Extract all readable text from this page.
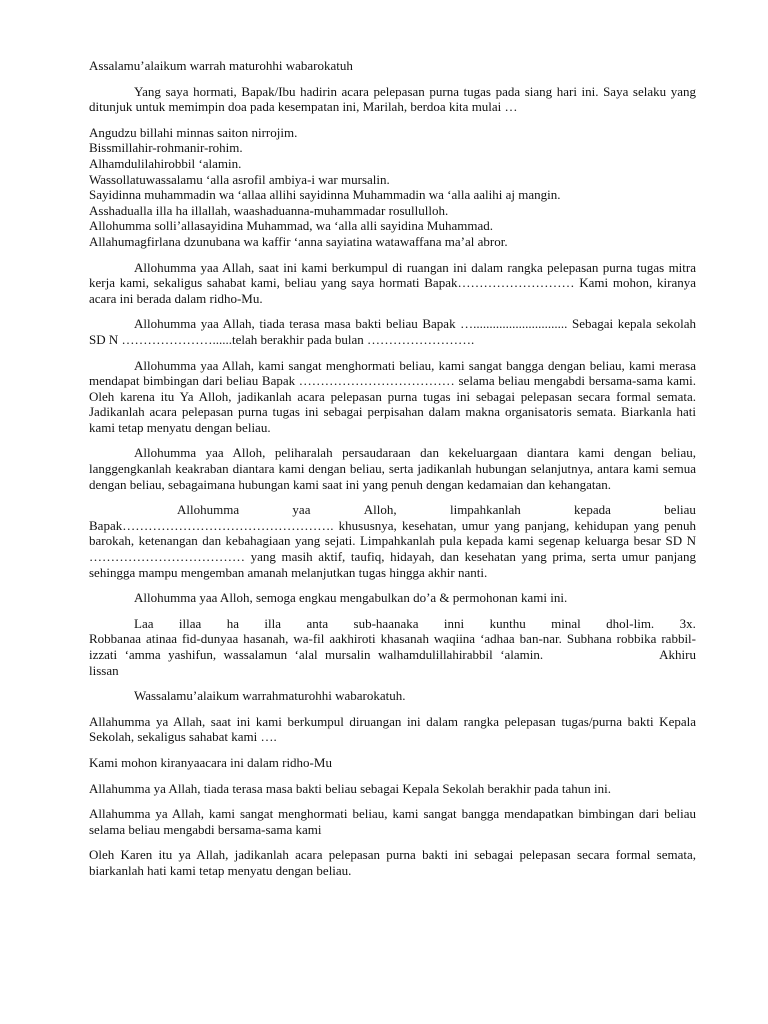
Assalamu’alaikum warrah maturohhi wabarokatuh

Yang saya hormati, Bapak/Ibu hadirin acara pelepasan purna tugas pada siang hari ini. Saya selaku yang ditunjuk untuk memimpin doa pada kesempatan ini, Marilah, berdoa kita mulai …

Angudzu billahi minnas saiton nirrojim.

Bissmillahir-rohmanir-rohim.

Alhamdulilahirobbil ‘alamin.

Wassollatuwassalamu ‘alla asrofil ambiya-i war mursalin.

Sayidinna muhammadin wa ‘allaa allihi sayidinna Muhammadin wa ‘alla aalihi aj mangin.

Asshadualla illa ha illallah, waashaduanna-muhammadar rosullulloh.

Allohumma solli’allasayidina Muhammad, wa ‘alla alli sayidina Muhammad.

Allahumagfirlana dzunubana wa kaffir ‘anna sayiatina watawaffana ma’al abror.

Allohumma yaa Allah, saat ini kami berkumpul di ruangan ini dalam rangka pelepasan purna tugas mitra kerja kami, sekaligus sahabat kami, beliau yang saya hormati Bapak……………………… Kami mohon, kiranya acara ini berada dalam ridho-Mu.

Allohumma yaa Allah, tiada terasa masa bakti beliau Bapak …............................. Sebagai kepala sekolah SD N …………………......telah berakhir pada bulan …………………….

Allohumma yaa Allah, kami sangat menghormati beliau, kami sangat bangga dengan beliau, kami merasa mendapat bimbingan dari beliau Bapak ……………………………… selama beliau mengabdi bersama-sama kami. Oleh karena itu Ya Alloh, jadikanlah acara pelepasan purna tugas ini sebagai pelepasan secara formal semata. Jadikanlah acara pelepasan purna tugas ini sebagai perpisahan dalam makna organisatoris semata. Biarkanla hati kami tetap menyatu dengan beliau.

Allohumma yaa Alloh, peliharalah persaudaraan dan kekeluargaan diantara kami dengan beliau, langgengkanlah keakraban diantara kami dengan beliau, serta jadikanlah hubungan selanjutnya, antara kami semua dengan beliau, sebagaimana hubungan kami saat ini yang penuh dengan kedamaian dan kehangatan.

Allohumma	yaa	Alloh,	limpahkanlah	kepada	beliau

Bapak…………………………………………. khususnya, kesehatan, umur yang panjang, kehidupan yang penuh barokah, ketenangan dan kebahagiaan yang sejati. Limpahkanlah pula kepada kami segenap keluarga besar SD N ……………………………… yang masih aktif, taufiq, hidayah, dan kesehatan yang prima, serta umur panjang sehingga mampu mengemban amanah melanjutkan tugas hingga akhir nanti.

Allohumma yaa Alloh, semoga engkau mengabulkan do’a & permohonan kami ini.

Laa illaa ha illa anta sub-haanaka inni kunthu minal dhol-lim. 3x.

Robbanaa atinaa fid-dunyaa hasanah, wa-fil aakhiroti khasanah waqiina ‘adhaa ban-nar. Subhana robbika rabbil-izzati ‘amma yashifun, wassalamun ‘alal mursalin walhamdulillahirabbil ‘alamin.	Akhiru lissan

Wassalamu’alaikum warrahmaturohhi wabarokatuh.

Allahumma ya Allah, saat ini kami berkumpul diruangan ini dalam rangka pelepasan tugas/purna bakti Kepala Sekolah, sekaligus sahabat kami ….

Kami mohon kiranyaacara ini dalam ridho-Mu

Allahumma ya Allah, tiada terasa masa bakti beliau sebagai Kepala Sekolah berakhir pada tahun ini.

Allahumma ya Allah, kami sangat menghormati beliau, kami sangat bangga mendapatkan bimbingan dari beliau selama beliau mengabdi bersama-sama kami

Oleh Karen itu ya Allah, jadikanlah acara pelepasan purna bakti ini sebagai pelepasan secara formal semata, biarkanlah hati kami tetap menyatu dengan beliau.
